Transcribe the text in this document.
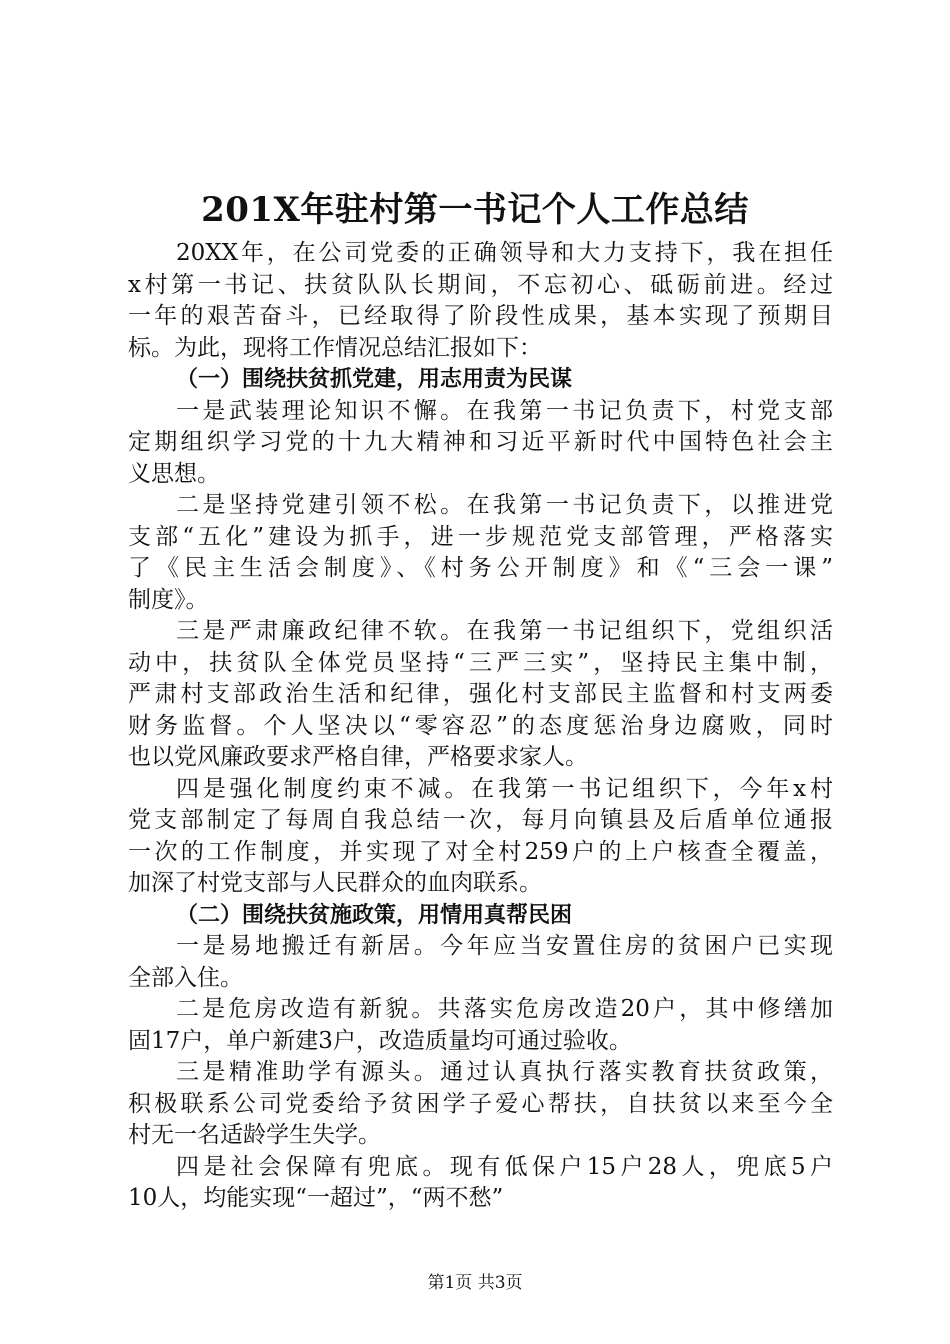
201X年驻村第一书记个人工作总结
20XX年，在公司党委的正确领导和大力支持下，我在担任
x村第一书记、扶贫队队长期间，不忘初心、砥砺前进。经过
一年的艰苦奋斗，已经取得了阶段性成果，基本实现了预期目
标。为此，现将工作情况总结汇报如下：
（一）围绕扶贫抓党建，用志用责为民谋
一是武装理论知识不懈。在我第一书记负责下，村党支部
定期组织学习党的十九大精神和习近平新时代中国特色社会主
义思想。
二是坚持党建引领不松。在我第一书记负责下，以推进党
支部“五化”建设为抓手，进一步规范党支部管理，严格落实
了《民主生活会制度》、《村务公开制度》和《“三会一课”
制度》。
三是严肃廉政纪律不软。在我第一书记组织下，党组织活
动中，扶贫队全体党员坚持“三严三实”，坚持民主集中制，
严肃村支部政治生活和纪律，强化村支部民主监督和村支两委
财务监督。个人坚决以“零容忍”的态度惩治身边腐败，同时
也以党风廉政要求严格自律，严格要求家人。
四是强化制度约束不减。在我第一书记组织下，今年x村
党支部制定了每周自我总结一次，每月向镇县及后盾单位通报
一次的工作制度，并实现了对全村259户的上户核查全覆盖，
加深了村党支部与人民群众的血肉联系。
（二）围绕扶贫施政策，用情用真帮民困
一是易地搬迁有新居。今年应当安置住房的贫困户已实现
全部入住。
二是危房改造有新貌。共落实危房改造20户，其中修缮加
固17户，单户新建3户，改造质量均可通过验收。
三是精准助学有源头。通过认真执行落实教育扶贫政策，
积极联系公司党委给予贫困学子爱心帮扶，自扶贫以来至今全
村无一名适龄学生失学。
四是社会保障有兜底。现有低保户15户28人，兜底5户
10人，均能实现“一超过”，“两不愁”
第1页 共3页
